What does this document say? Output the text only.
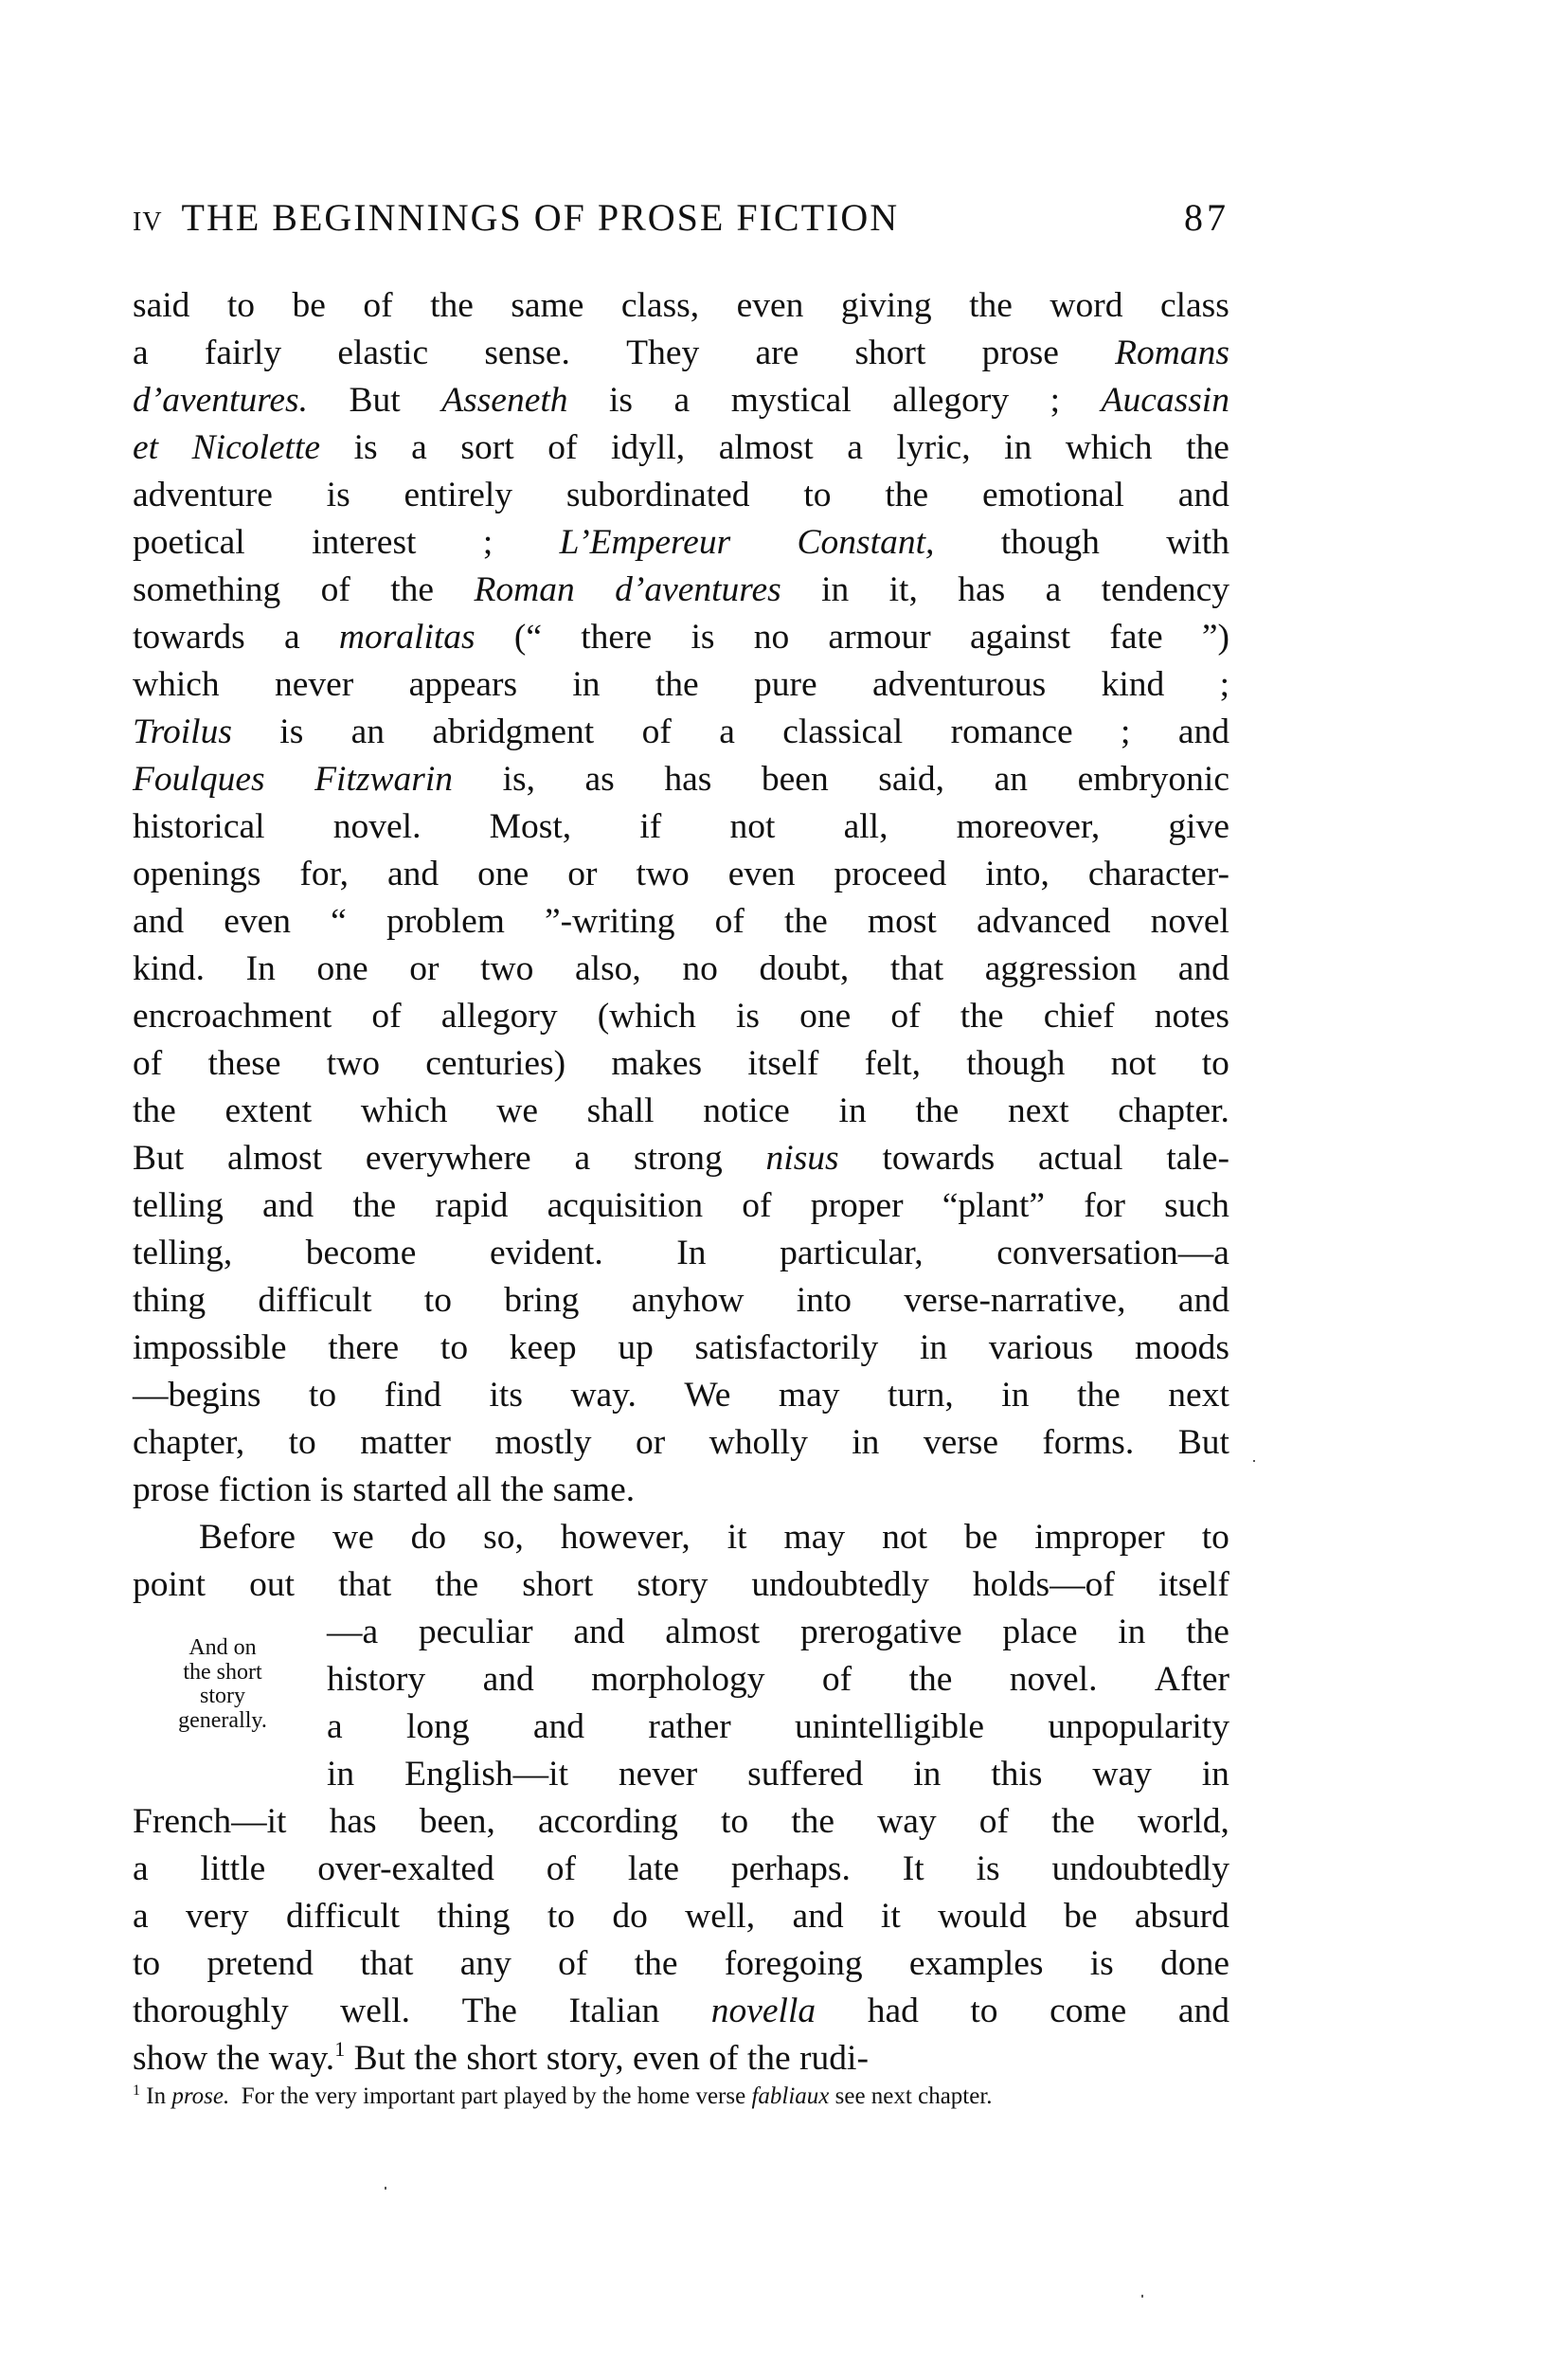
IV THE BEGINNINGS OF PROSE FICTION	87
said to be of the same class, even giving the word class
a fairly elastic sense. They are short prose Romans
d’aventures. But Asseneth is a mystical allegory ; Aucassin
et Nicolette is a sort of idyll, almost a lyric, in which the
adventure is entirely subordinated to the emotional and
poetical interest ; L’Empereur Constant, though with
something of the Roman d’aventures in it, has a tendency
towards a moralitas (“ there is no armour against fate ”)
which never appears in the pure adventurous kind ;
Troilus is an abridgment of a classical romance ; and
Foulques Fitzwarin is, as has been said, an embryonic
historical novel. Most, if not all, moreover, give
openings for, and one or two even proceed into, character-
and even “ problem ”-writing of the most advanced novel
kind. In one or two also, no doubt, that aggression and
encroachment of allegory (which is one of the chief notes
of these two centuries) makes itself felt, though not to
the extent which we shall notice in the next chapter.
But almost everywhere a strong nisus towards actual tale-
telling and the rapid acquisition of proper “plant” for such
telling, become evident. In particular, conversation—a
thing difficult to bring anyhow into verse-narrative, and
impossible there to keep up satisfactorily in various moods
—begins to find its way. We may turn, in the next
chapter, to matter mostly or wholly in verse forms. But
prose fiction is started all the same.
Before we do so, however, it may not be improper to
point out that the short story undoubtedly holds—of itself
—a peculiar and almost prerogative place in the
history and morphology of the novel. After
a long and rather unintelligible unpopularity
in English—it never suffered in this way in
French—it has been, according to the way of the world,
a little over-exalted of late perhaps. It is undoubtedly
a very difficult thing to do well, and it would be absurd
to pretend that any of the foregoing examples is done
thoroughly well. The Italian novella had to come and
show the way.$^1$ But the short story, even of the rudi-
And on
the short
story
generally.
$^1$ In prose.  For the very important part played by the home verse fabliaux see next chapter.
